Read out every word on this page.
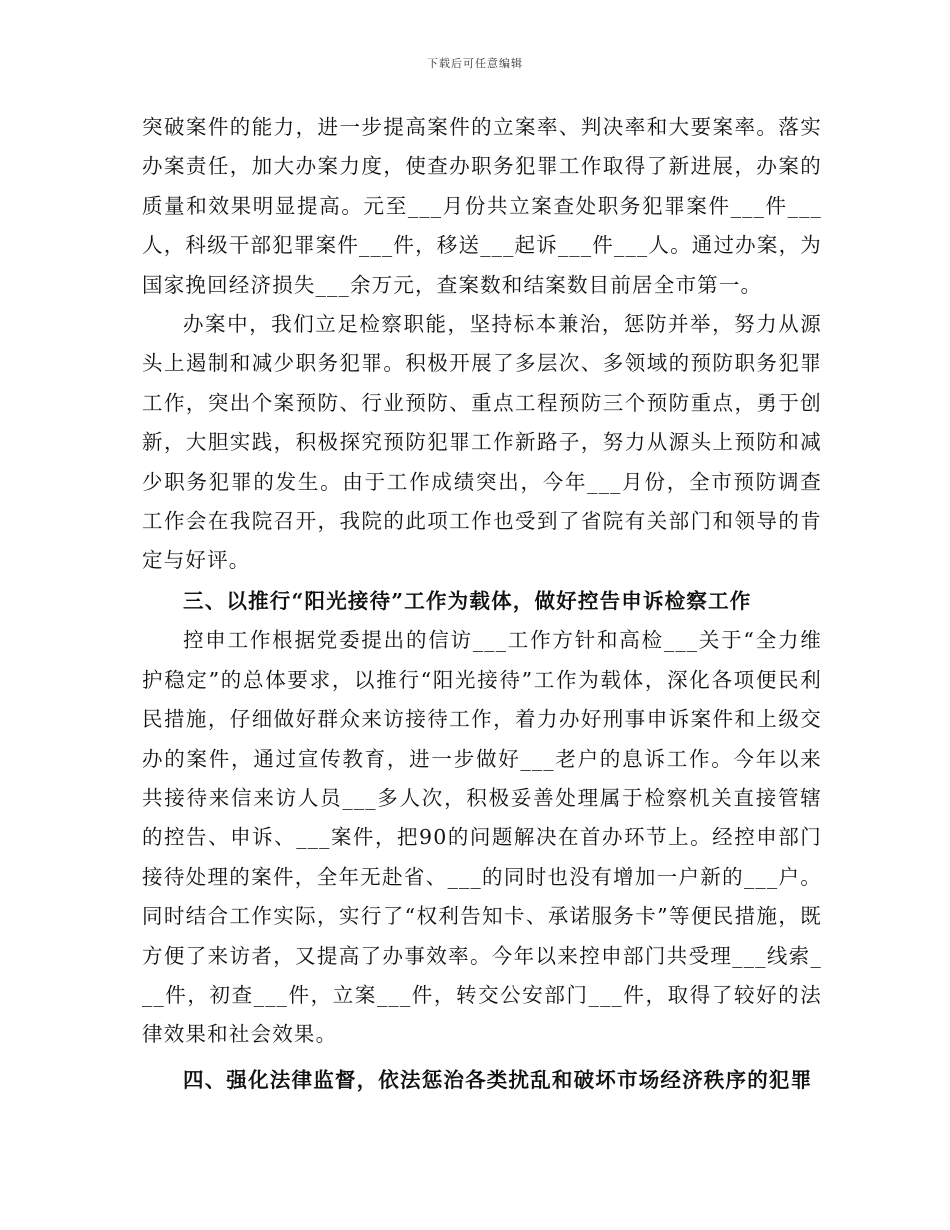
下载后可任意编辑

突破案件的能力，进一步提高案件的立案率、判决率和大要案率。落实办案责任，加大办案力度，使查办职务犯罪工作取得了新进展，办案的质量和效果明显提高。元至___月份共立案查处职务犯罪案件___件___人，科级干部犯罪案件___件，移送___起诉___件___人。通过办案，为国家挽回经济损失___余万元，查案数和结案数目前居全市第一。

办案中，我们立足检察职能，坚持标本兼治，惩防并举，努力从源头上遏制和减少职务犯罪。积极开展了多层次、多领域的预防职务犯罪工作，突出个案预防、行业预防、重点工程预防三个预防重点，勇于创新，大胆实践，积极探究预防犯罪工作新路子，努力从源头上预防和减少职务犯罪的发生。由于工作成绩突出，今年___月份，全市预防调查工作会在我院召开，我院的此项工作也受到了省院有关部门和领导的肯定与好评。

三、以推行“阳光接待”工作为载体，做好控告申诉检察工作

控申工作根据党委提出的信访___工作方针和高检___关于“全力维护稳定”的总体要求，以推行“阳光接待”工作为载体，深化各项便民利民措施，仔细做好群众来访接待工作，着力办好刑事申诉案件和上级交办的案件，通过宣传教育，进一步做好___老户的息诉工作。今年以来共接待来信来访人员___多人次，积极妥善处理属于检察机关直接管辖的控告、申诉、___案件，把90的问题解决在首办环节上。经控申部门接待处理的案件，全年无赴省、___的同时也没有增加一户新的___户。同时结合工作实际，实行了“权利告知卡、承诺服务卡”等便民措施，既方便了来访者，又提高了办事效率。今年以来控申部门共受理___线索___件，初查___件，立案___件，转交公安部门___件，取得了较好的法律效果和社会效果。

四、强化法律监督，依法惩治各类扰乱和破坏市场经济秩序的犯罪
